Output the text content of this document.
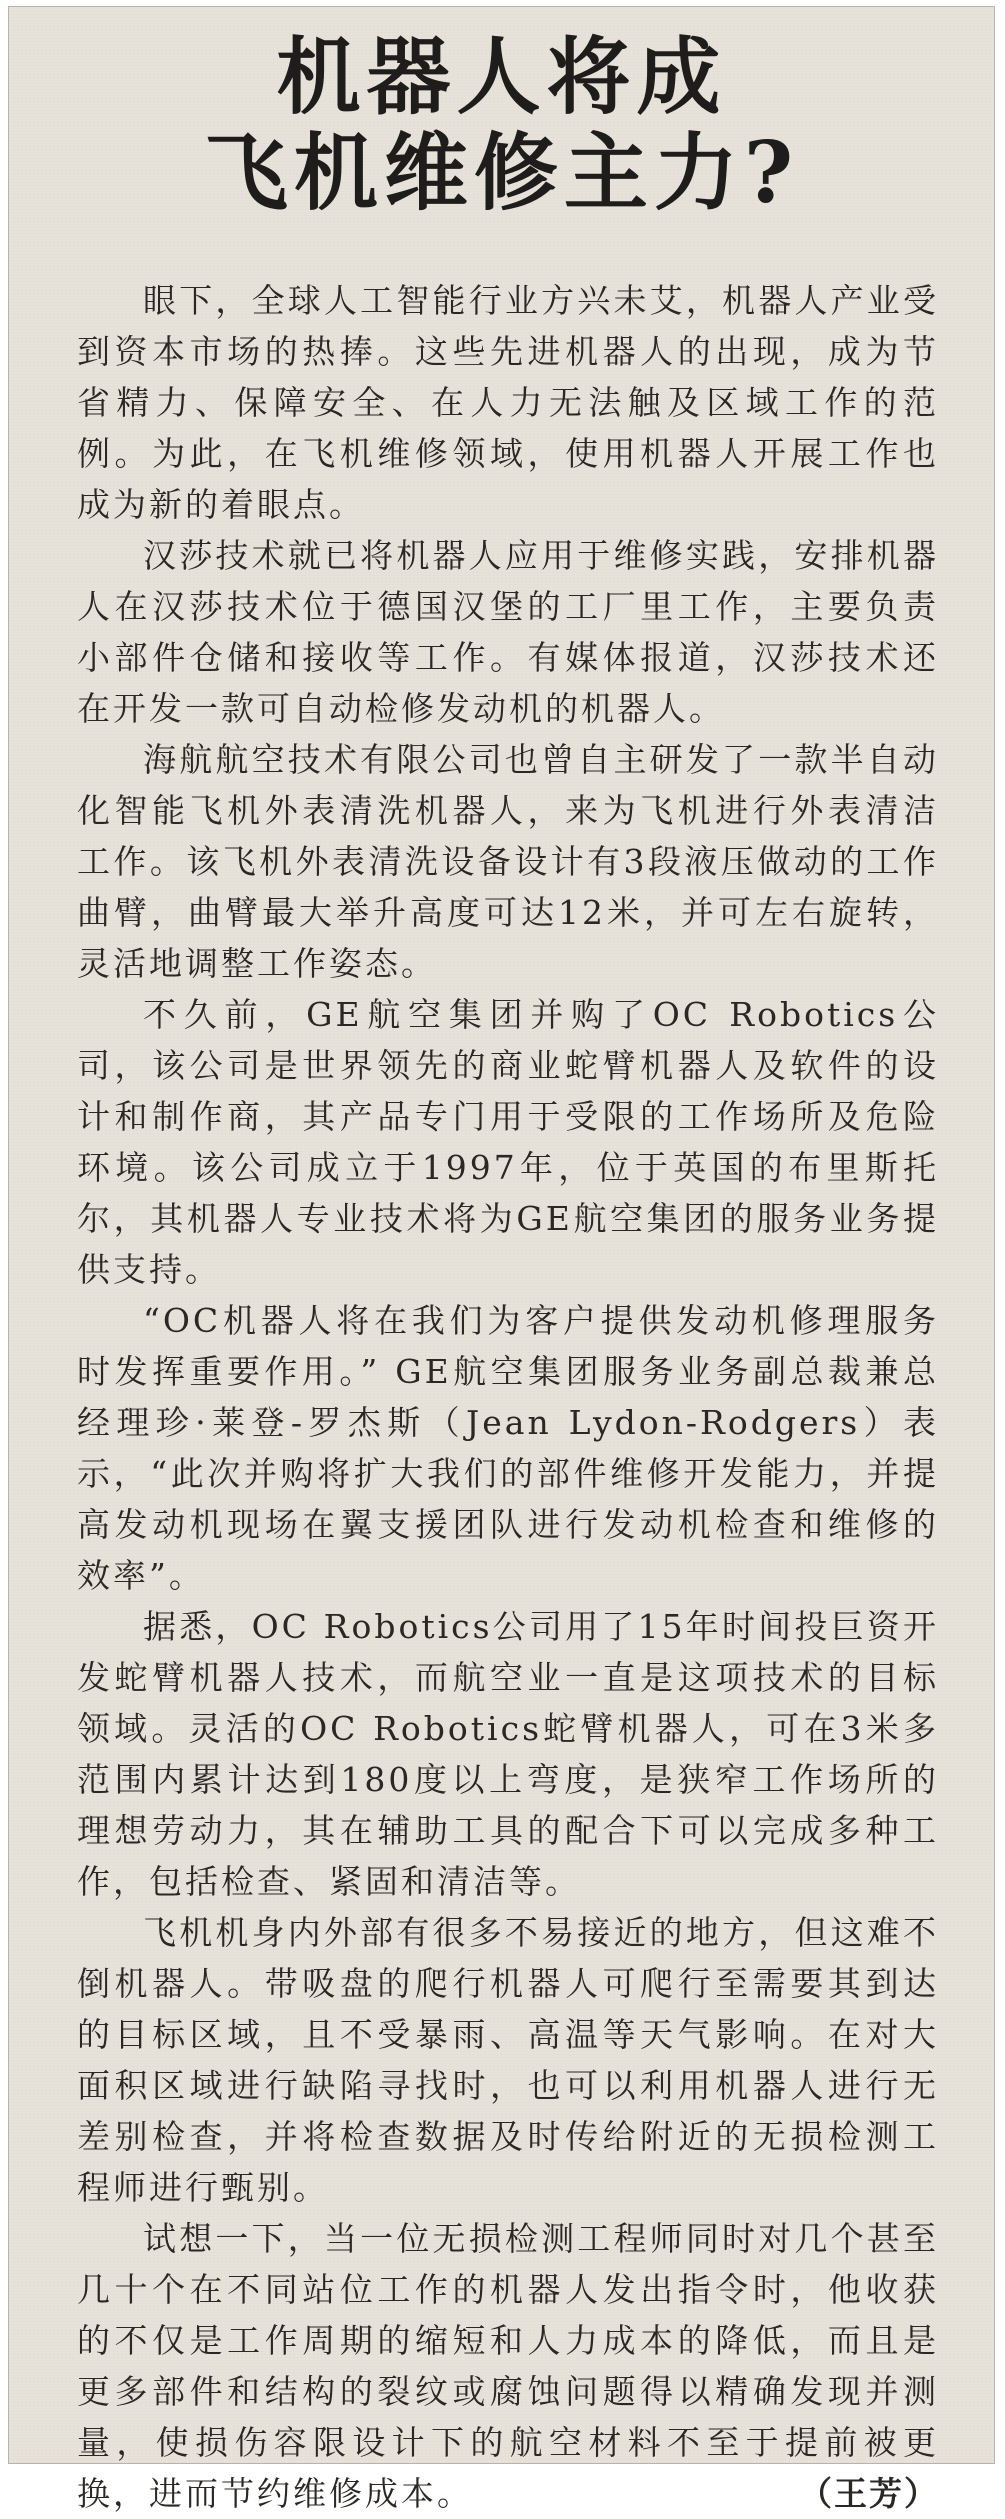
机器人将成
飞机维修主力?

眼下，全球人工智能行业方兴未艾，机器人产业受到资本市场的热捧。这些先进机器人的出现，成为节省精力、保障安全、在人力无法触及区域工作的范例。为此，在飞机维修领域，使用机器人开展工作也成为新的着眼点。

汉莎技术就已将机器人应用于维修实践，安排机器人在汉莎技术位于德国汉堡的工厂里工作，主要负责小部件仓储和接收等工作。有媒体报道，汉莎技术还在开发一款可自动检修发动机的机器人。

海航航空技术有限公司也曾自主研发了一款半自动化智能飞机外表清洗机器人，来为飞机进行外表清洁工作。该飞机外表清洗设备设计有3段液压做动的工作曲臂，曲臂最大举升高度可达12米，并可左右旋转，灵活地调整工作姿态。

不久前，GE航空集团并购了OC Robotics公司，该公司是世界领先的商业蛇臂机器人及软件的设计和制作商，其产品专门用于受限的工作场所及危险环境。该公司成立于1997年，位于英国的布里斯托尔，其机器人专业技术将为GE航空集团的服务业务提供支持。

“OC机器人将在我们为客户提供发动机修理服务时发挥重要作用。” GE航空集团服务业务副总裁兼总经理珍·莱登-罗杰斯（Jean Lydon-Rodgers）表示，“此次并购将扩大我们的部件维修开发能力，并提高发动机现场在翼支援团队进行发动机检查和维修的效率”。

据悉，OC Robotics公司用了15年时间投巨资开发蛇臂机器人技术，而航空业一直是这项技术的目标领域。灵活的OC Robotics蛇臂机器人，可在3米多范围内累计达到180度以上弯度，是狭窄工作场所的理想劳动力，其在辅助工具的配合下可以完成多种工作，包括检查、紧固和清洁等。

飞机机身内外部有很多不易接近的地方，但这难不倒机器人。带吸盘的爬行机器人可爬行至需要其到达的目标区域，且不受暴雨、高温等天气影响。在对大面积区域进行缺陷寻找时，也可以利用机器人进行无差别检查，并将检查数据及时传给附近的无损检测工程师进行甄别。

试想一下，当一位无损检测工程师同时对几个甚至几十个在不同站位工作的机器人发出指令时，他收获的不仅是工作周期的缩短和人力成本的降低，而且是更多部件和结构的裂纹或腐蚀问题得以精确发现并测量，使损伤容限设计下的航空材料不至于提前被更换，进而节约维修成本。	（王芳）
